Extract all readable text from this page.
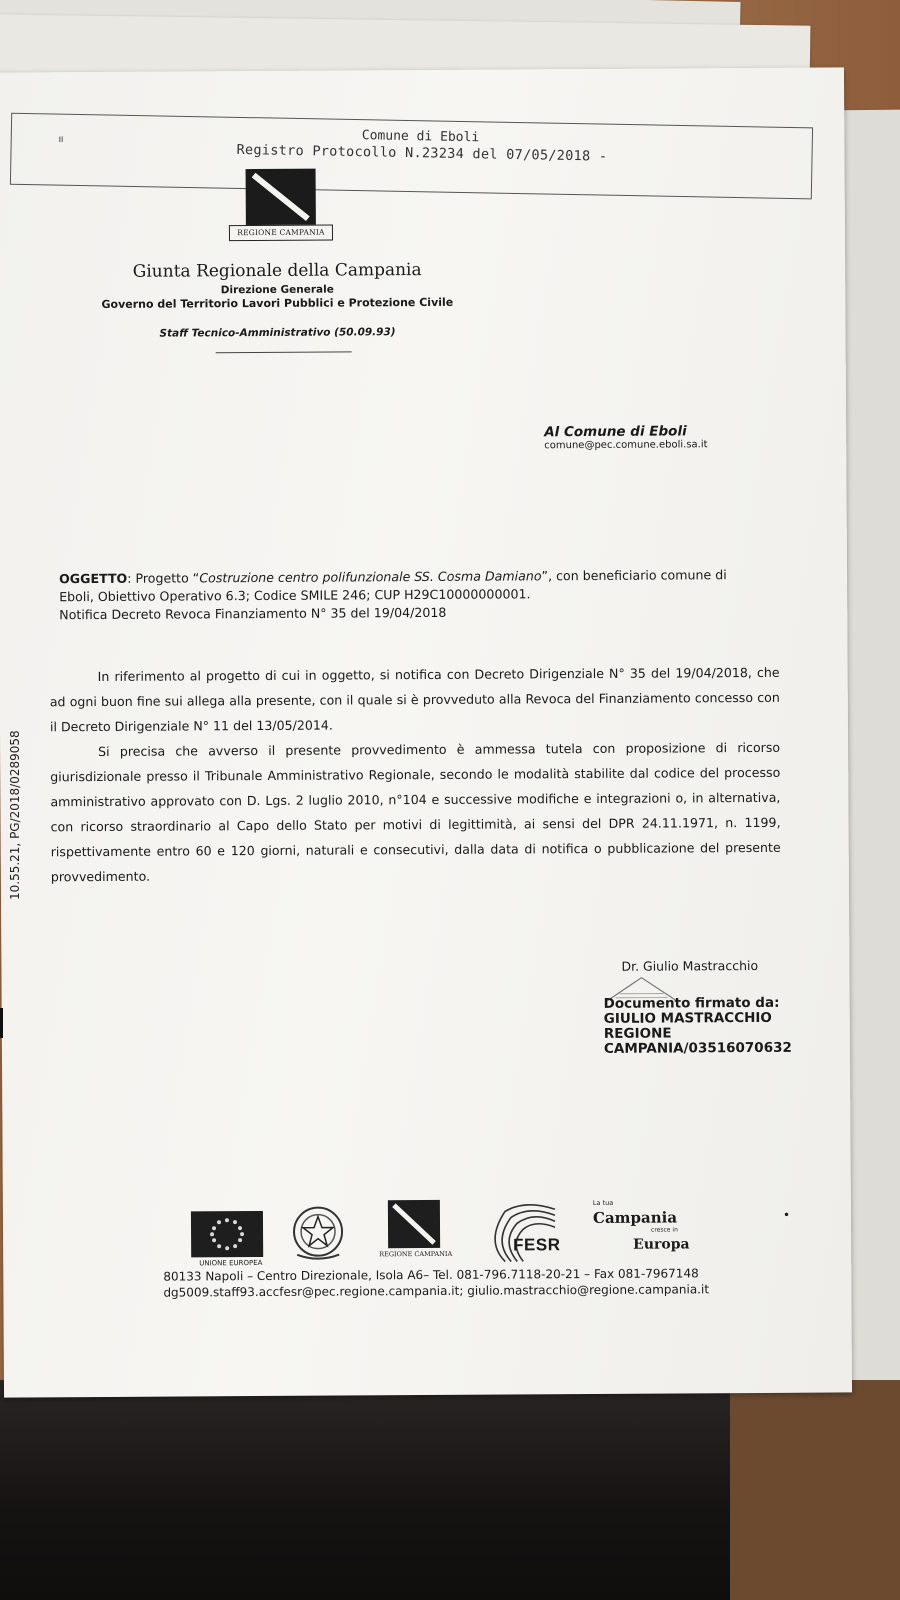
≡	Comune di Eboli
Registro Protocollo N.23234 del 07/05/2018 -
REGIONE CAMPANIA
Giunta Regionale della Campania
Direzione Generale
Governo del Territorio Lavori Pubblici e Protezione Civile
Staff Tecnico-Amministrativo (50.09.93)
Al Comune di Eboli
comune@pec.comune.eboli.sa.it
OGGETTO: Progetto “Costruzione centro polifunzionale SS. Cosma Damiano”, con beneficiario comune di Eboli, Obiettivo Operativo 6.3; Codice SMILE 246; CUP H29C10000000001.
Notifica Decreto Revoca Finanziamento N° 35 del 19/04/2018

In riferimento al progetto di cui in oggetto, si notifica con Decreto Dirigenziale N° 35 del 19/04/2018, che ad ogni buon fine sui allega alla presente, con il quale si è provveduto alla Revoca del Finanziamento concesso con il Decreto Dirigenziale N° 11 del 13/05/2014.

Si precisa che avverso il presente provvedimento è ammessa tutela con proposizione di ricorso giurisdizionale presso il Tribunale Amministrativo Regionale, secondo le modalità stabilite dal codice del processo amministrativo approvato con D. Lgs. 2 luglio 2010, n°104 e successive modifiche e integrazioni o, in alternativa, con ricorso straordinario al Capo dello Stato per motivi di legittimità, ai sensi del DPR 24.11.1971, n. 1199, rispettivamente entro 60 e 120 giorni, naturali e consecutivi, dalla data di notifica o pubblicazione del presente provvedimento.

Dr. Giulio Mastracchio
Documento firmato da:
GIULIO MASTRACCHIO
REGIONE
CAMPANIA/03516070632
UNIONE EUROPEA
REGIONE CAMPANIA	FESR
La tua
Campania
cresce in
Europa
80133 Napoli – Centro Direzionale, Isola A6– Tel. 081-796.7118-20-21 – Fax 081-7967148
dg5009.staff93.accfesr@pec.regione.campania.it; giulio.mastracchio@regione.campania.it
•
10.55.21, PG/2018/0289058
